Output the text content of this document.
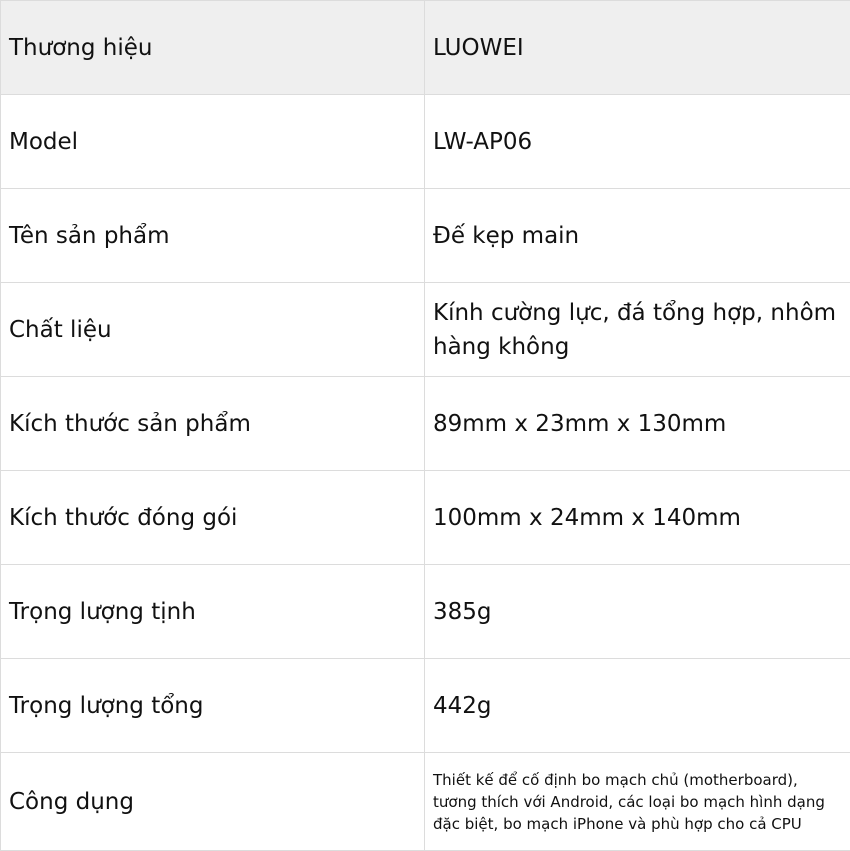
Thương hiệu	LUOWEI
Model	LW-AP06
Tên sản phẩm	Đế kẹp main
Chất liệu	Kính cường lực, đá tổng hợp, nhôm hàng không
Kích thước sản phẩm	89mm x 23mm x 130mm
Kích thước đóng gói	100mm x 24mm x 140mm
Trọng lượng tịnh	385g
Trọng lượng tổng	442g
Công dụng	Thiết kế để cố định bo mạch chủ (motherboard), tương thích với Android, các loại bo mạch hình dạng đặc biệt, bo mạch iPhone và phù hợp cho cả CPU
